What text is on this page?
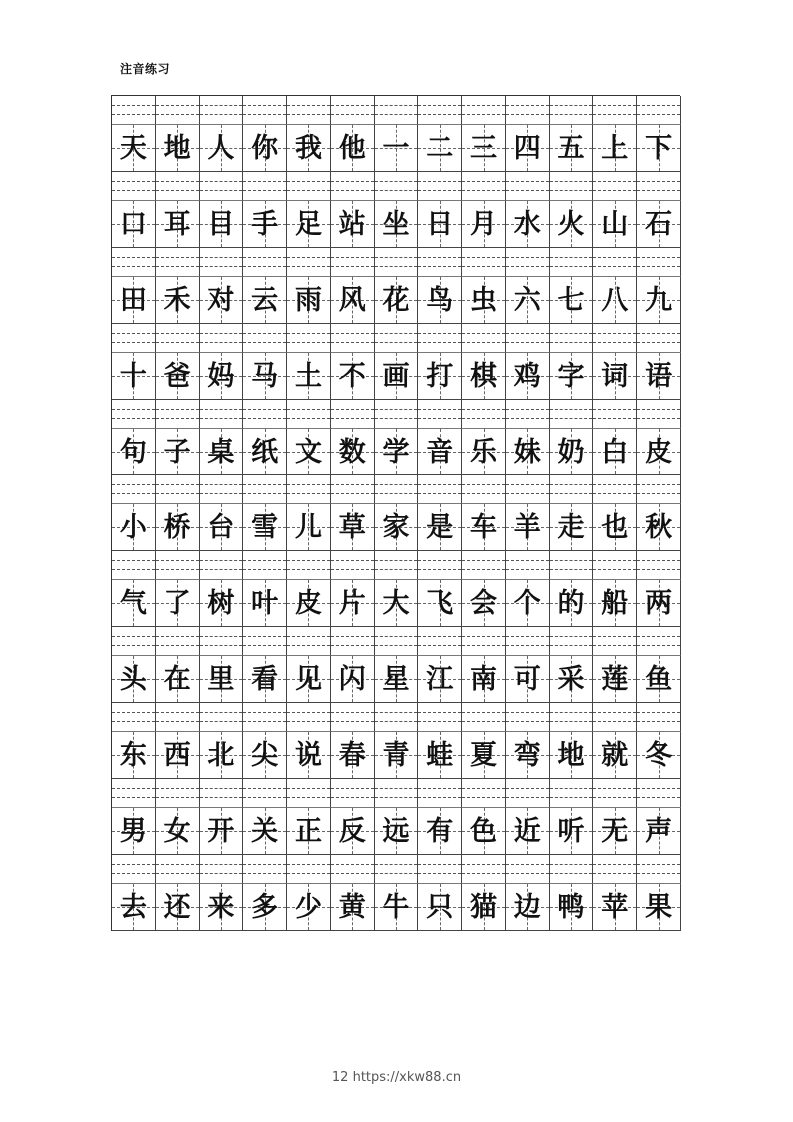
注音练习
天 地 人 你 我 他 一 二 三 四 五 上 下
口 耳 目 手 足 站 坐 日 月 水 火 山 石
田 禾 对 云 雨 风 花 鸟 虫 六 七 八 九
十 爸 妈 马 土 不 画 打 棋 鸡 字 词 语
句 子 桌 纸 文 数 学 音 乐 妹 奶 白 皮
小 桥 台 雪 儿 草 家 是 车 羊 走 也 秋
气 了 树 叶 皮 片 大 飞 会 个 的 船 两
头 在 里 看 见 闪 星 江 南 可 采 莲 鱼
东 西 北 尖 说 春 青 蛙 夏 弯 地 就 冬
男 女 开 关 正 反 远 有 色 近 听 无 声
去 还 来 多 少 黄 牛 只 猫 边 鸭 苹 果
12 https://xkw88.cn
